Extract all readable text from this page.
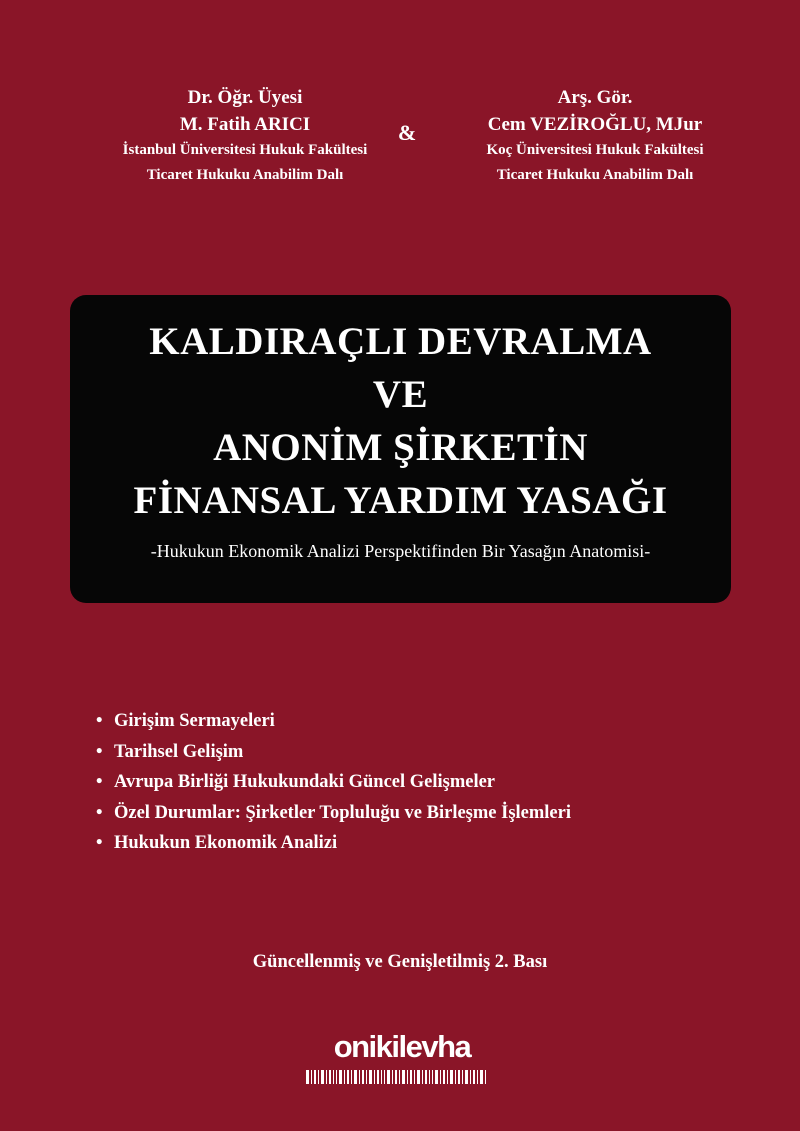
Dr. Öğr. Üyesi
M. Fatih ARICI
İstanbul Üniversitesi Hukuk Fakültesi
Ticaret Hukuku Anabilim Dalı
&
Arş. Gör.
Cem VEZİROĞLU, MJur
Koç Üniversitesi Hukuk Fakültesi
Ticaret Hukuku Anabilim Dalı
KALDIRAÇLI DEVRALMA
VE
ANONİM ŞİRKETİN
FİNANSAL YARDIM YASAĞI
-Hukukun Ekonomik Analizi Perspektifinden Bir Yasağın Anatomisi-
• Girişim Sermayeleri
• Tarihsel Gelişim
• Avrupa Birliği Hukukundaki Güncel Gelişmeler
• Özel Durumlar: Şirketler Topluluğu ve Birleşme İşlemleri
• Hukukun Ekonomik Analizi
Güncellenmiş ve Genişletilmiş 2. Bası
onikilevha
